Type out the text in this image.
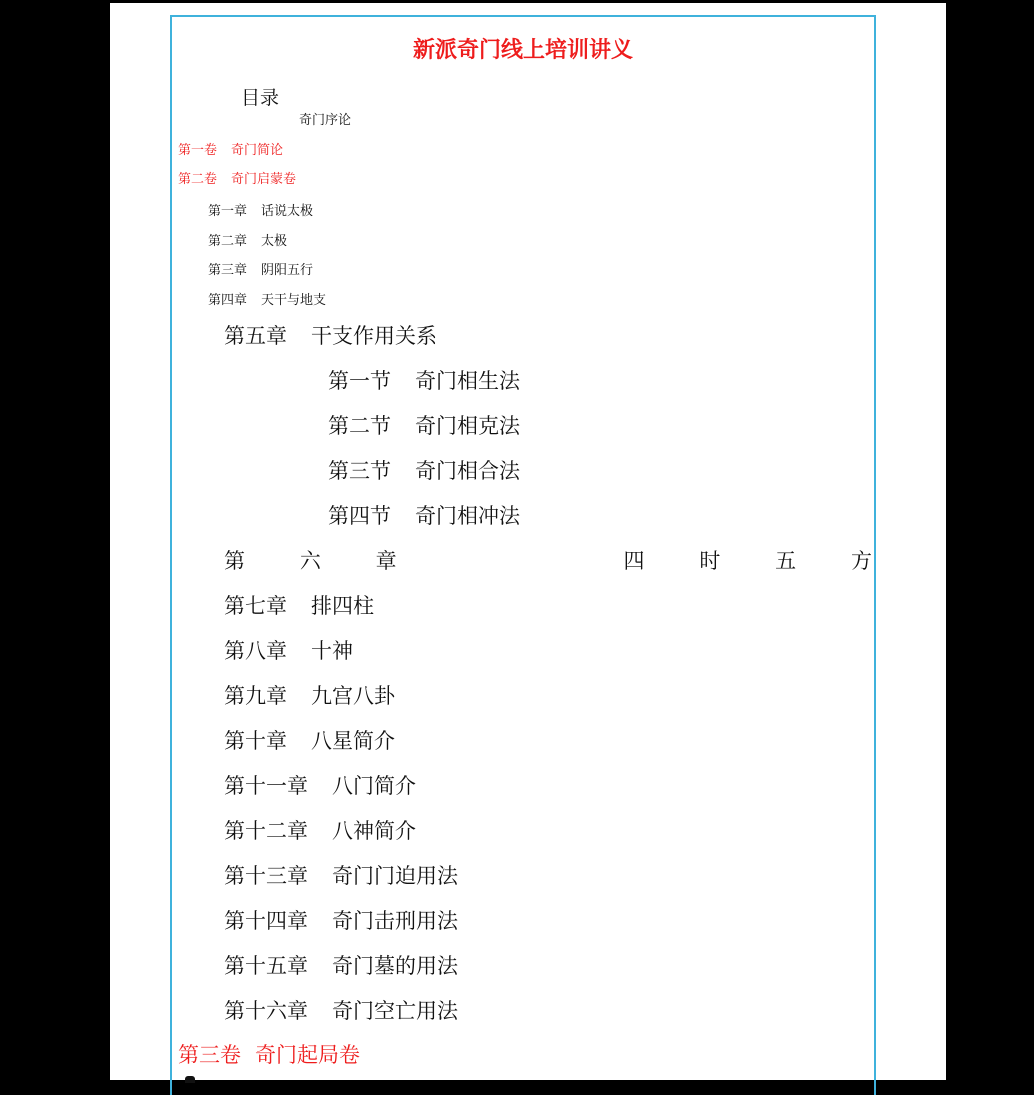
新派奇门线上培训讲义
目录
奇门序论
第一卷 奇门简论
第二卷 奇门启蒙卷
第一章 话说太极
第二章 太极
第三章 阴阳五行
第四章 天干与地支
第五章 干支作用关系
第一节 奇门相生法
第二节 奇门相克法
第三节 奇门相合法
第四节 奇门相冲法
第	六	章	四	时	五	方
第七章 排四柱
第八章 十神
第九章 九宫八卦
第十章 八星简介
第十一章 八门简介
第十二章 八神简介
第十三章 奇门门迫用法
第十四章 奇门击刑用法
第十五章 奇门墓的用法
第十六章 奇门空亡用法
第三卷 奇门起局卷
